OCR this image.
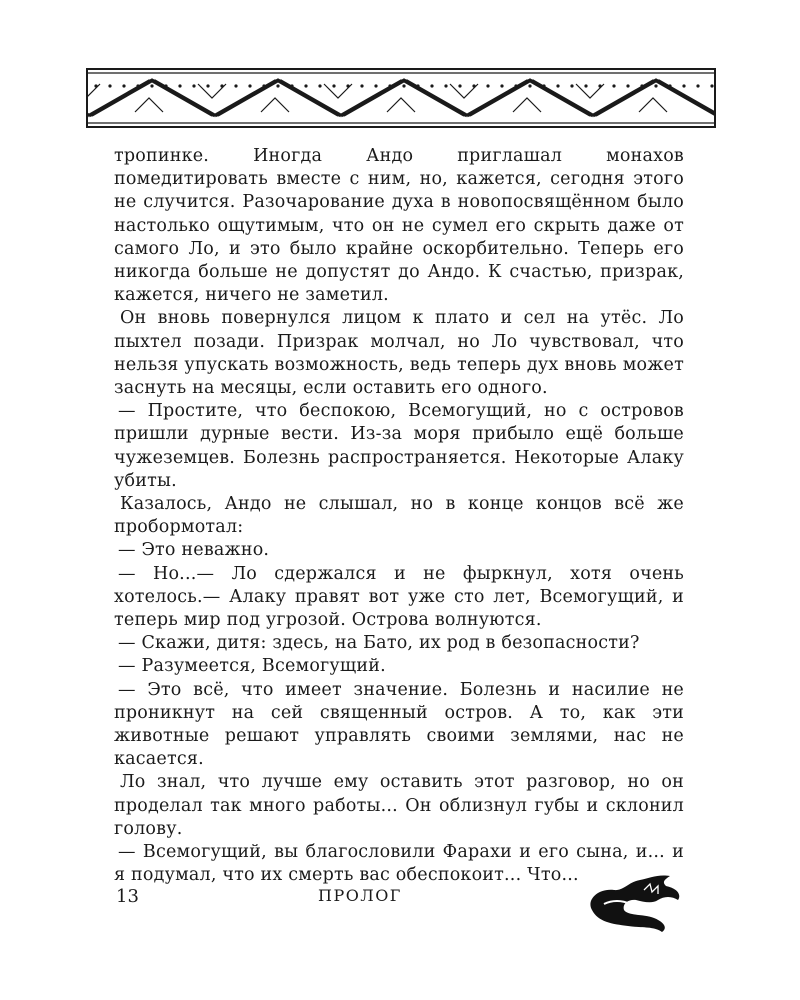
тропинке. Иногда Андо приглашал монахов помедитировать вместе с ним, но, кажется, сегодня этого не случится. Разочарование духа в новопосвящённом было настолько ощутимым, что он не сумел его скрыть даже от самого Ло, и это было крайне оскорбительно. Теперь его никогда больше не допустят до Андо. К счастью, призрак, кажется, ничего не заметил.

Он вновь повернулся лицом к плато и сел на утёс. Ло пыхтел позади. Призрак молчал, но Ло чувствовал, что нельзя упускать возможность, ведь теперь дух вновь может заснуть на месяцы, если оставить его одного.

— Простите, что беспокою, Всемогущий, но с островов пришли дурные вести. Из-за моря прибыло ещё больше чужеземцев. Болезнь распространяется. Некоторые Алаку убиты.

Казалось, Андо не слышал, но в конце концов всё же пробормотал:

— Это неважно.

— Но...— Ло сдержался и не фыркнул, хотя очень хотелось.— Алаку правят вот уже сто лет, Всемогущий, и теперь мир под угрозой. Острова волнуются.

— Скажи, дитя: здесь, на Бато, их род в безопасности?

— Разумеется, Всемогущий.

— Это всё, что имеет значение. Болезнь и насилие не проникнут на сей священный остров. А то, как эти животные решают управлять своими землями, нас не касается.

Ло знал, что лучше ему оставить этот разговор, но он проделал так много работы... Он облизнул губы и склонил голову.

— Всемогущий, вы благословили Фарахи и его сына, и... и я подумал, что их смерть вас обеспокоит... Что...

13	ПРОЛОГ
